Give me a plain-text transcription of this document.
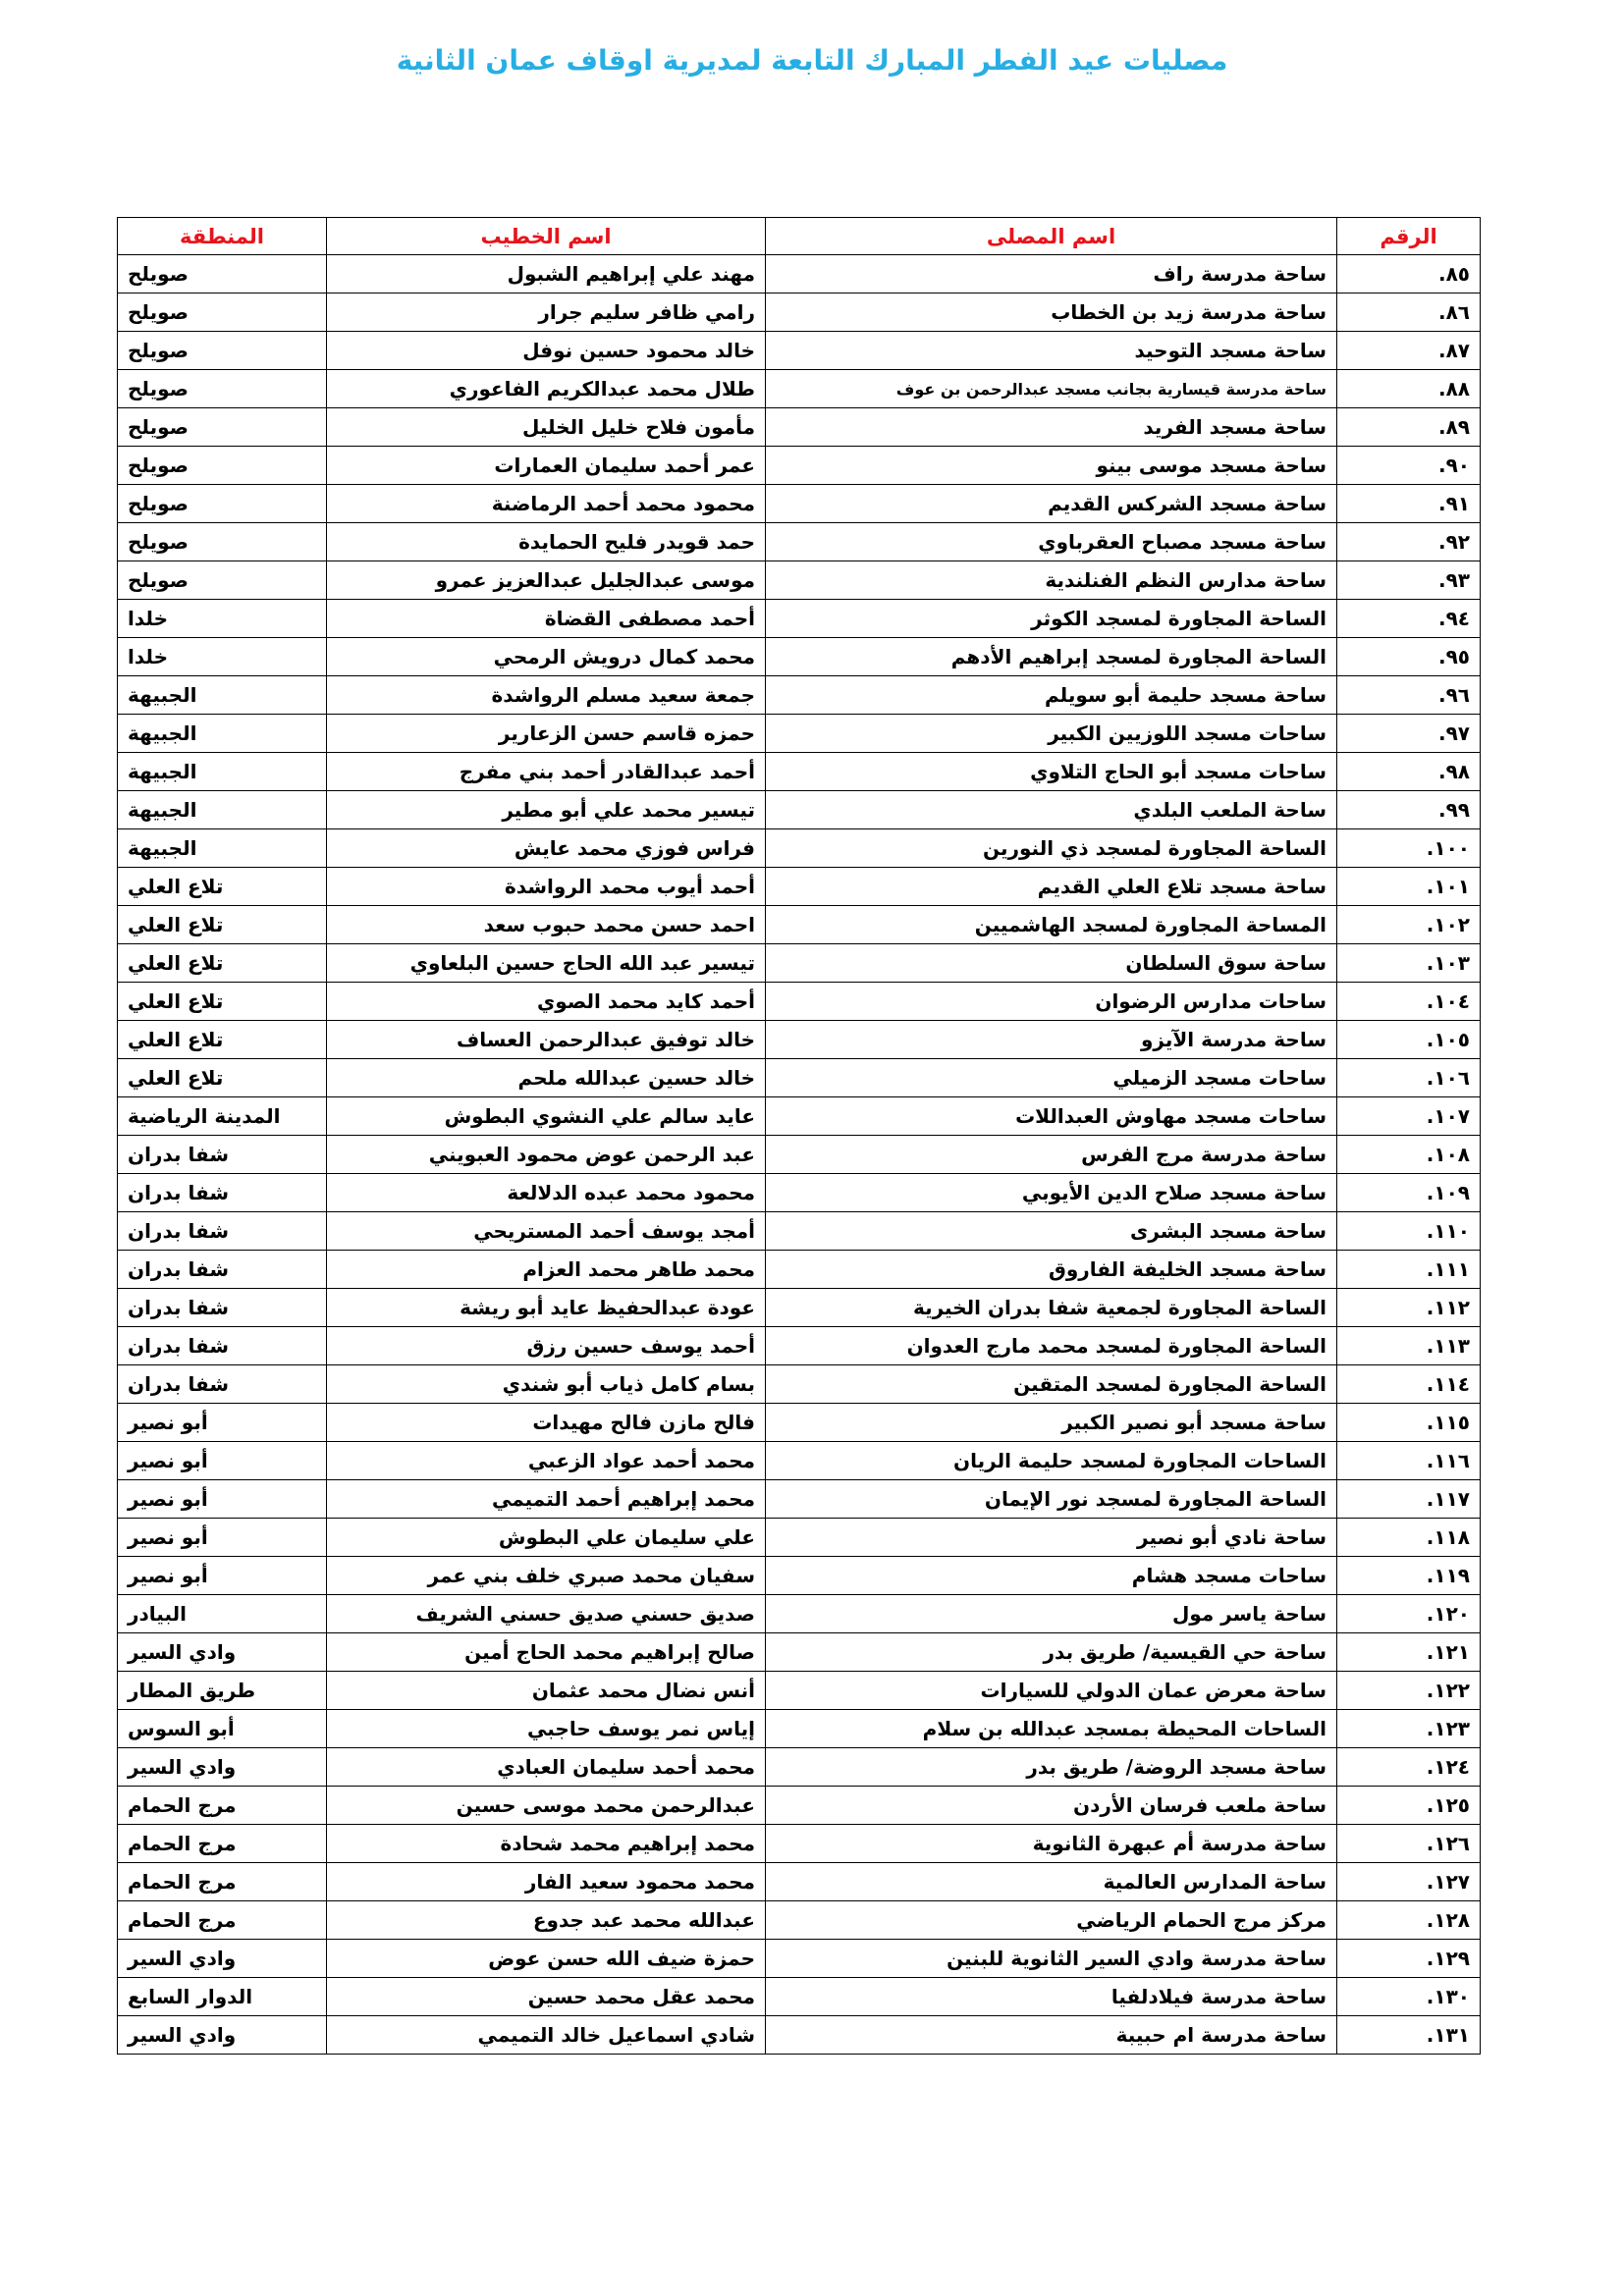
مصليات عيد الفطر المبارك التابعة لمديرية اوقاف عمان الثانية
الرقم	اسم المصلى	اسم الخطيب	المنطقة
٨٥.	ساحة مدرسة راف	مهند علي إبراهيم الشبول	صويلح
٨٦.	ساحة مدرسة زيد بن الخطاب	رامي ظافر سليم جرار	صويلح
٨٧.	ساحة مسجد التوحيد	خالد محمود حسين نوفل	صويلح
٨٨.	ساحة مدرسة قيسارية بجانب مسجد عبدالرحمن بن عوف	طلال محمد عبدالكريم الفاعوري	صويلح
٨٩.	ساحة مسجد الفريد	مأمون فلاح خليل الخليل	صويلح
٩٠.	ساحة مسجد موسى بينو	عمر أحمد سليمان العمارات	صويلح
٩١.	ساحة مسجد الشركس القديم	محمود محمد أحمد الرماضنة	صويلح
٩٢.	ساحة مسجد مصباح العقرباوي	حمد قويدر فليح الحمايدة	صويلح
٩٣.	ساحة مدارس النظم الفنلندية	موسى عبدالجليل عبدالعزيز عمرو	صويلح
٩٤.	الساحة المجاورة لمسجد الكوثر	أحمد مصطفى القضاة	خلدا
٩٥.	الساحة المجاورة لمسجد إبراهيم الأدهم	محمد كمال درويش الرمحي	خلدا
٩٦.	ساحة مسجد حليمة أبو سويلم	جمعة سعيد مسلم الرواشدة	الجبيهة
٩٧.	ساحات مسجد اللوزيين الكبير	حمزه قاسم حسن الزعارير	الجبيهة
٩٨.	ساحات مسجد أبو الحاج التلاوي	أحمد عبدالقادر أحمد بني مفرج	الجبيهة
٩٩.	ساحة الملعب البلدي	تيسير محمد علي أبو مطير	الجبيهة
١٠٠.	الساحة المجاورة لمسجد ذي النورين	فراس فوزي محمد عايش	الجبيهة
١٠١.	ساحة مسجد تلاع العلي القديم	أحمد أيوب محمد الرواشدة	تلاع العلي
١٠٢.	المساحة المجاورة لمسجد الهاشميين	احمد حسن محمد حبوب سعد	تلاع العلي
١٠٣.	ساحة سوق السلطان	تيسير عبد الله الحاج حسين البلعاوي	تلاع العلي
١٠٤.	ساحات مدارس الرضوان	أحمد كايد محمد الصوي	تلاع العلي
١٠٥.	ساحة مدرسة الآيزو	خالد توفيق عبدالرحمن العساف	تلاع العلي
١٠٦.	ساحات مسجد الزميلي	خالد حسين عبدالله ملحم	تلاع العلي
١٠٧.	ساحات مسجد مهاوش العبداللات	عايد سالم علي النشوي البطوش	المدينة الرياضية
١٠٨.	ساحة مدرسة مرج الفرس	عبد الرحمن عوض محمود العبويني	شفا بدران
١٠٩.	ساحة مسجد صلاح الدين الأيوبي	محمود محمد عبده الدلالعة	شفا بدران
١١٠.	ساحة مسجد البشرى	أمجد يوسف أحمد المستريحي	شفا بدران
١١١.	ساحة مسجد الخليفة الفاروق	محمد طاهر محمد العزام	شفا بدران
١١٢.	الساحة المجاورة لجمعية شفا بدران الخيرية	عودة عبدالحفيظ عايد أبو ريشة	شفا بدران
١١٣.	الساحة المجاورة لمسجد محمد مارج العدوان	أحمد يوسف حسين رزق	شفا بدران
١١٤.	الساحة المجاورة لمسجد المتقين	بسام كامل ذياب أبو شندي	شفا بدران
١١٥.	ساحة مسجد أبو نصير الكبير	فالح مازن فالح مهيدات	أبو نصير
١١٦.	الساحات المجاورة لمسجد حليمة الريان	محمد أحمد عواد الزعبي	أبو نصير
١١٧.	الساحة المجاورة لمسجد نور الإيمان	محمد إبراهيم أحمد التميمي	أبو نصير
١١٨.	ساحة نادي أبو نصير	علي سليمان علي البطوش	أبو نصير
١١٩.	ساحات مسجد هشام	سفيان محمد صبري خلف بني عمر	أبو نصير
١٢٠.	ساحة ياسر مول	صديق حسني صديق حسني الشريف	البيادر
١٢١.	ساحة حي القيسية/ طريق بدر	صالح إبراهيم محمد الحاج أمين	وادي السير
١٢٢.	ساحة معرض عمان الدولي للسيارات	أنس نضال محمد عثمان	طريق المطار
١٢٣.	الساحات المحيطة بمسجد عبدالله بن سلام	إياس نمر يوسف حاجبي	أبو السوس
١٢٤.	ساحة مسجد الروضة/ طريق بدر	محمد أحمد سليمان العبادي	وادي السير
١٢٥.	ساحة ملعب فرسان الأردن	عبدالرحمن محمد موسى حسين	مرج الحمام
١٢٦.	ساحة مدرسة أم عبهرة الثانوية	محمد إبراهيم محمد شحادة	مرج الحمام
١٢٧.	ساحة المدارس العالمية	محمد محمود سعيد الفار	مرج الحمام
١٢٨.	مركز مرج الحمام الرياضي	عبدالله محمد عبد جدوع	مرج الحمام
١٢٩.	ساحة مدرسة وادي السير الثانوية للبنين	حمزة ضيف الله حسن عوض	وادي السير
١٣٠.	ساحة مدرسة فيلادلفيا	محمد عقل محمد حسين	الدوار السابع
١٣١.	ساحة مدرسة ام حبيبة	شادي اسماعيل خالد التميمي	وادي السير
